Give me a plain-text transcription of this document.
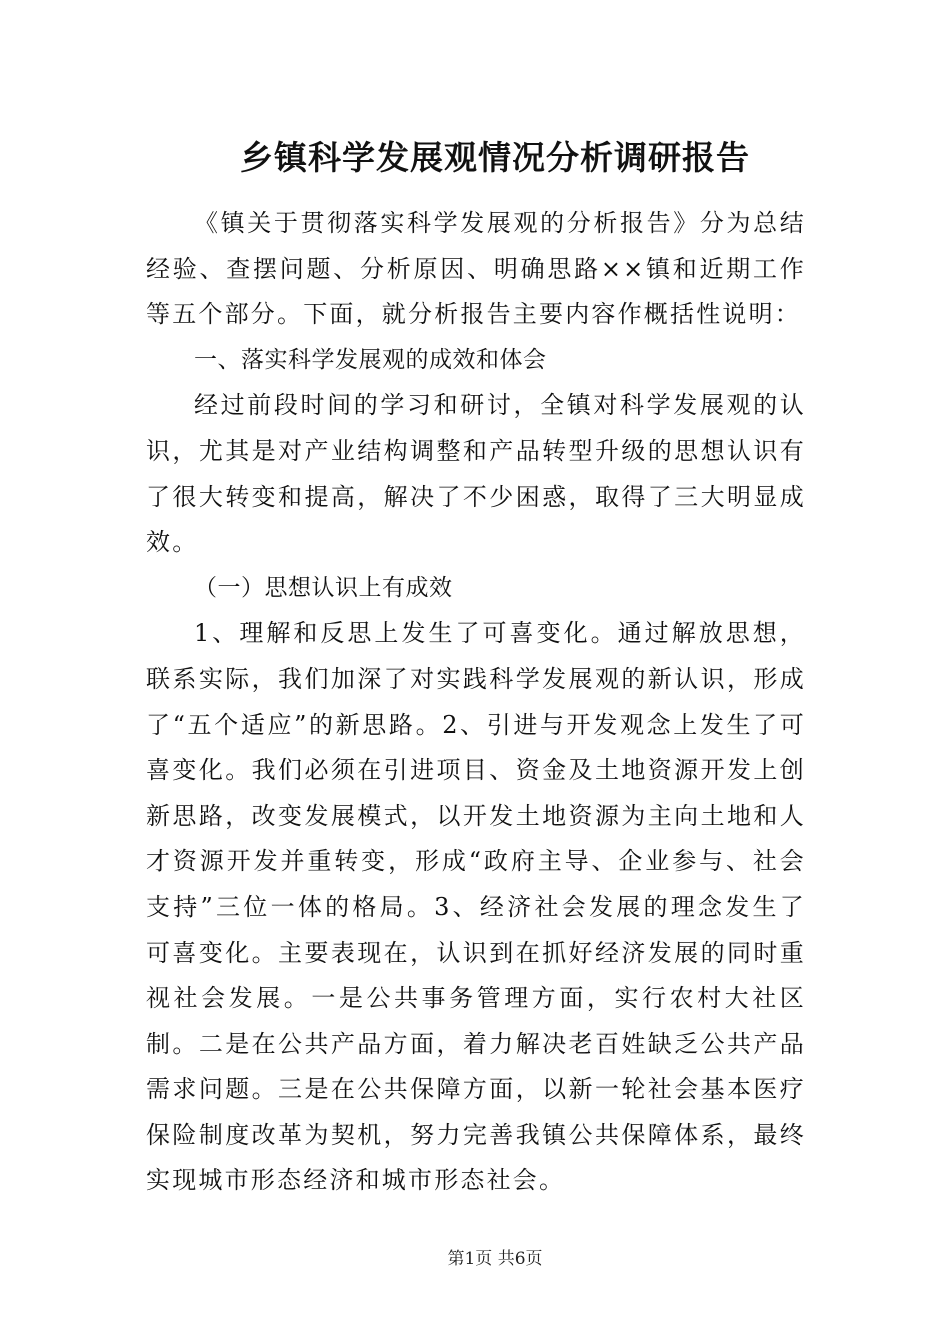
乡镇科学发展观情况分析调研报告

《镇关于贯彻落实科学发展观的分析报告》分为总结经验、查摆问题、分析原因、明确思路××镇和近期工作等五个部分。下面，就分析报告主要内容作概括性说明：

一、落实科学发展观的成效和体会

经过前段时间的学习和研讨，全镇对科学发展观的认识，尤其是对产业结构调整和产品转型升级的思想认识有了很大转变和提高，解决了不少困惑，取得了三大明显成效。

（一）思想认识上有成效

1、理解和反思上发生了可喜变化。通过解放思想，联系实际，我们加深了对实践科学发展观的新认识，形成了“五个适应”的新思路。2、引进与开发观念上发生了可喜变化。我们必须在引进项目、资金及土地资源开发上创新思路，改变发展模式，以开发土地资源为主向土地和人才资源开发并重转变，形成“政府主导、企业参与、社会支持”三位一体的格局。3、经济社会发展的理念发生了可喜变化。主要表现在，认识到在抓好经济发展的同时重视社会发展。一是公共事务管理方面，实行农村大社区制。二是在公共产品方面，着力解决老百姓缺乏公共产品需求问题。三是在公共保障方面，以新一轮社会基本医疗保险制度改革为契机，努力完善我镇公共保障体系，最终实现城市形态经济和城市形态社会。

第1页 共6页
